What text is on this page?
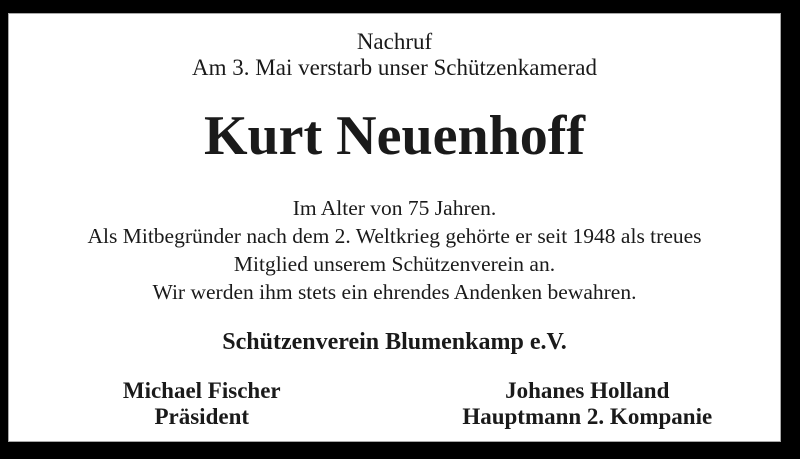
Nachruf
Am 3. Mai verstarb unser Schützenkamerad
Kurt Neuenhoff
Im Alter von 75 Jahren.
Als Mitbegründer nach dem 2. Weltkrieg gehörte er seit 1948 als treues
Mitglied unserem Schützenverein an.
Wir werden ihm stets ein ehrendes Andenken bewahren.
Schützenverein Blumenkamp e.V.
Michael Fischer
Präsident
Johanes Holland
Hauptmann 2. Kompanie
